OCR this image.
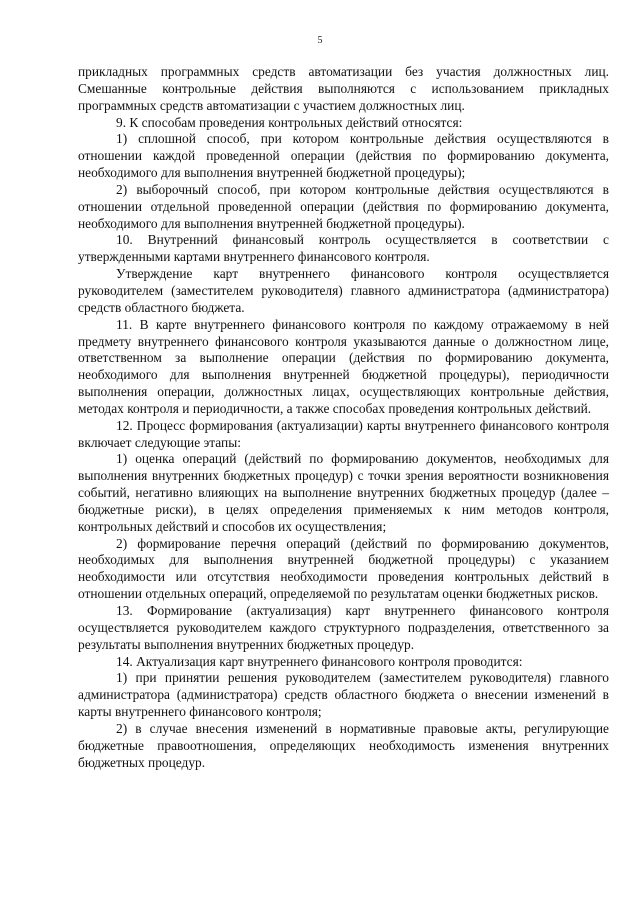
5

прикладных программных средств автоматизации без участия должностных лиц. Смешанные контрольные действия выполняются с использованием прикладных программных средств автоматизации с участием должностных лиц.

9. К способам проведения контрольных действий относятся:

1) сплошной способ, при котором контрольные действия осуществляются в отношении каждой проведенной операции (действия по формированию документа, необходимого для выполнения внутренней бюджетной процедуры);

2) выборочный способ, при котором контрольные действия осуществляются в отношении отдельной проведенной операции (действия по формированию документа, необходимого для выполнения внутренней бюджетной процедуры).

10. Внутренний финансовый контроль осуществляется в соответствии с утвержденными картами внутреннего финансового контроля.

Утверждение карт внутреннего финансового контроля осуществляется руководителем (заместителем руководителя) главного администратора (администратора) средств областного бюджета.

11. В карте внутреннего финансового контроля по каждому отражаемому в ней предмету внутреннего финансового контроля указываются данные о должностном лице, ответственном за выполнение операции (действия по формированию документа, необходимого для выполнения внутренней бюджетной процедуры), периодичности выполнения операции, должностных лицах, осуществляющих контрольные действия, методах контроля и периодичности, а также способах проведения контрольных действий.

12. Процесс формирования (актуализации) карты внутреннего финансового контроля включает следующие этапы:

1) оценка операций (действий по формированию документов, необходимых для выполнения внутренних бюджетных процедур) с точки зрения вероятности возникновения событий, негативно влияющих на выполнение внутренних бюджетных процедур (далее – бюджетные риски), в целях определения применяемых к ним методов контроля, контрольных действий и способов их осуществления;

2) формирование перечня операций (действий по формированию документов, необходимых для выполнения внутренней бюджетной процедуры) с указанием необходимости или отсутствия необходимости проведения контрольных действий в отношении отдельных операций, определяемой по результатам оценки бюджетных рисков.

13. Формирование (актуализация) карт внутреннего финансового контроля осуществляется руководителем каждого структурного подразделения, ответственного за результаты выполнения внутренних бюджетных процедур.

14. Актуализация карт внутреннего финансового контроля проводится:

1) при принятии решения руководителем (заместителем руководителя) главного администратора (администратора) средств областного бюджета о внесении изменений в карты внутреннего финансового контроля;

2) в случае внесения изменений в нормативные правовые акты, регулирующие бюджетные правоотношения, определяющих необходимость изменения внутренних бюджетных процедур.
